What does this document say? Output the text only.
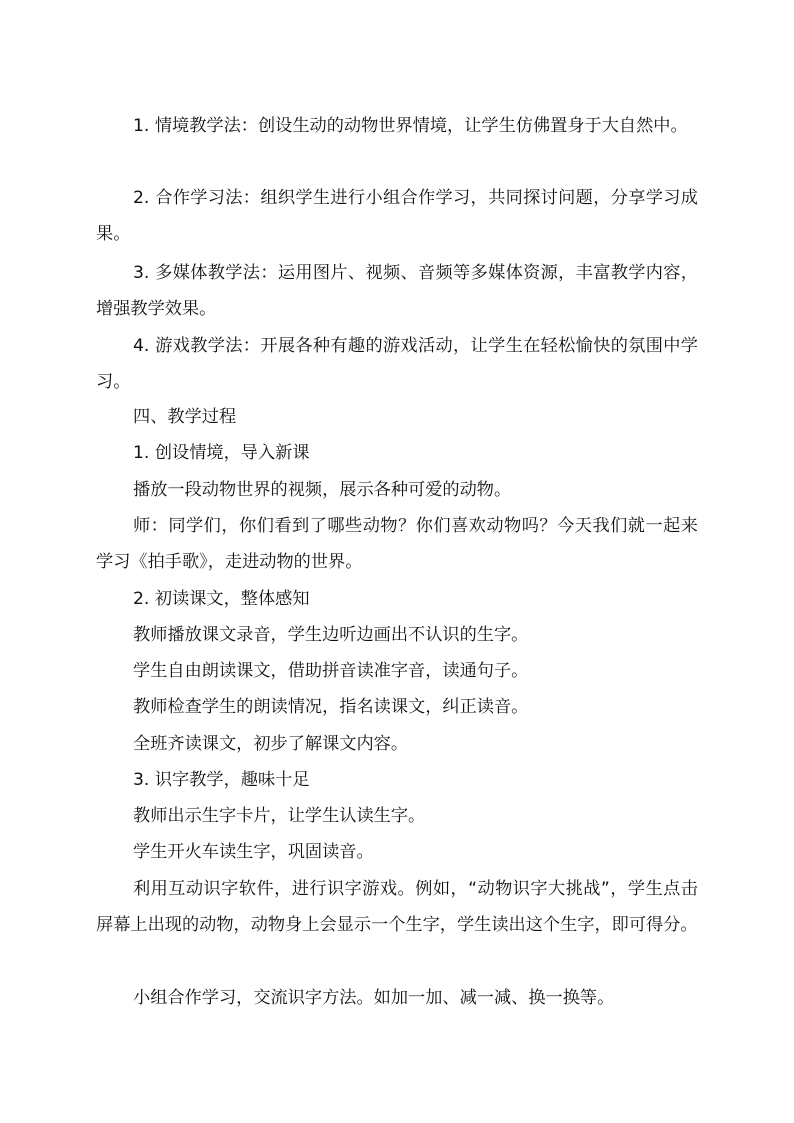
1. 情境教学法：创设生动的动物世界情境，让学生仿佛置身于大自然中。

2. 合作学习法：组织学生进行小组合作学习，共同探讨问题，分享学习成果。

3. 多媒体教学法：运用图片、视频、音频等多媒体资源，丰富教学内容，增强教学效果。

4. 游戏教学法：开展各种有趣的游戏活动，让学生在轻松愉快的氛围中学习。

四、教学过程

1. 创设情境，导入新课

播放一段动物世界的视频，展示各种可爱的动物。

师：同学们，你们看到了哪些动物？你们喜欢动物吗？今天我们就一起来学习《拍手歌》，走进动物的世界。

2. 初读课文，整体感知

教师播放课文录音，学生边听边画出不认识的生字。

学生自由朗读课文，借助拼音读准字音，读通句子。

教师检查学生的朗读情况，指名读课文，纠正读音。

全班齐读课文，初步了解课文内容。

3. 识字教学，趣味十足

教师出示生字卡片，让学生认读生字。

学生开火车读生字，巩固读音。

利用互动识字软件，进行识字游戏。例如，“动物识字大挑战”，学生点击屏幕上出现的动物，动物身上会显示一个生字，学生读出这个生字，即可得分。

小组合作学习，交流识字方法。如加一加、减一减、换一换等。
